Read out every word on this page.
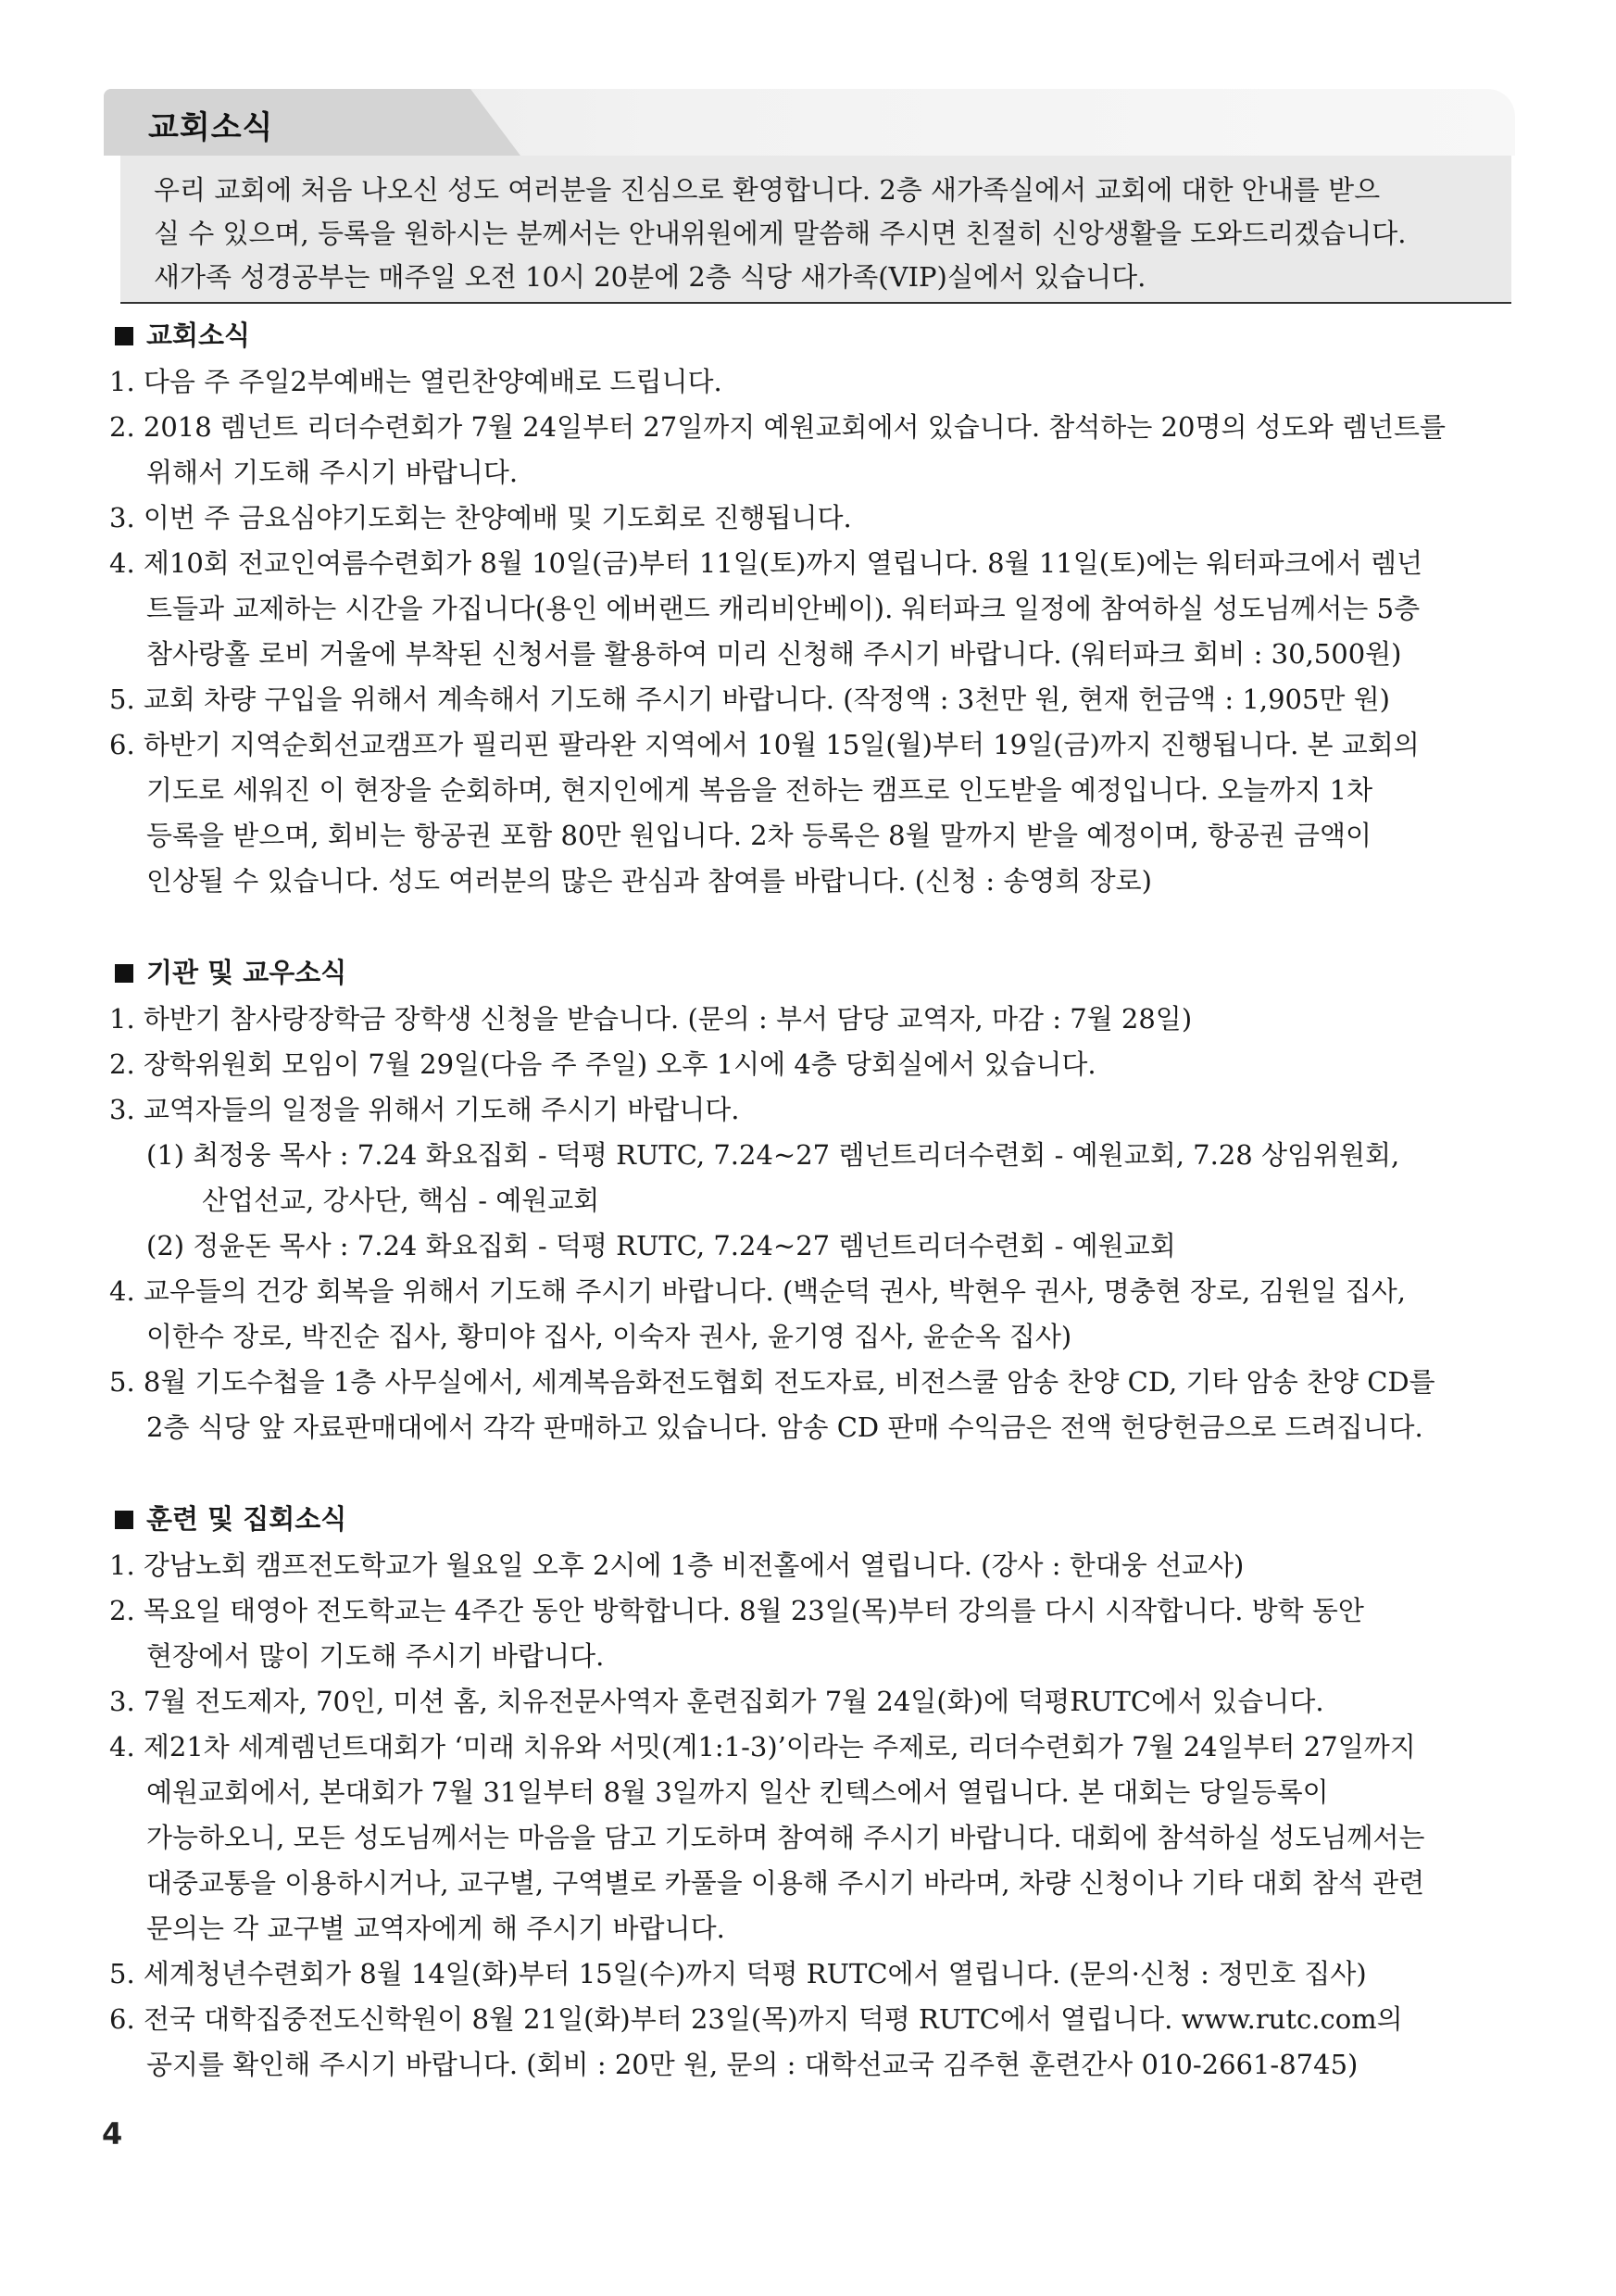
교회소식

우리 교회에 처음 나오신 성도 여러분을 진심으로 환영합니다. 2층 새가족실에서 교회에 대한 안내를 받으

실 수 있으며, 등록을 원하시는 분께서는 안내위원에게 말씀해 주시면 친절히 신앙생활을 도와드리겠습니다.

새가족 성경공부는 매주일 오전 10시 20분에 2층 식당 새가족(VIP)실에서 있습니다.

교회소식
1. 다음 주 주일2부예배는 열린찬양예배로 드립니다.
2. 2018 렘넌트 리더수련회가 7월 24일부터 27일까지 예원교회에서 있습니다. 참석하는 20명의 성도와 렘넌트를
위해서 기도해 주시기 바랍니다.
3. 이번 주 금요심야기도회는 찬양예배 및 기도회로 진행됩니다.
4. 제10회 전교인여름수련회가 8월 10일(금)부터 11일(토)까지 열립니다. 8월 11일(토)에는 워터파크에서 렘넌
트들과 교제하는 시간을 가집니다(용인 에버랜드 캐리비안베이). 워터파크 일정에 참여하실 성도님께서는 5층
참사랑홀 로비 거울에 부착된 신청서를 활용하여 미리 신청해 주시기 바랍니다. (워터파크 회비 : 30,500원)
5. 교회 차량 구입을 위해서 계속해서 기도해 주시기 바랍니다. (작정액 : 3천만 원, 현재 헌금액 : 1,905만 원)
6. 하반기 지역순회선교캠프가 필리핀 팔라완 지역에서 10월 15일(월)부터 19일(금)까지 진행됩니다. 본 교회의
기도로 세워진 이 현장을 순회하며, 현지인에게 복음을 전하는 캠프로 인도받을 예정입니다. 오늘까지 1차
등록을 받으며, 회비는 항공권 포함 80만 원입니다. 2차 등록은 8월 말까지 받을 예정이며, 항공권 금액이
인상될 수 있습니다. 성도 여러분의 많은 관심과 참여를 바랍니다. (신청 : 송영희 장로)
기관 및 교우소식
1. 하반기 참사랑장학금 장학생 신청을 받습니다. (문의 : 부서 담당 교역자, 마감 : 7월 28일)
2. 장학위원회 모임이 7월 29일(다음 주 주일) 오후 1시에 4층 당회실에서 있습니다.
3. 교역자들의 일정을 위해서 기도해 주시기 바랍니다.
(1) 최정웅 목사 : 7.24 화요집회 - 덕평 RUTC, 7.24~27 렘넌트리더수련회 - 예원교회, 7.28 상임위원회,
산업선교, 강사단, 핵심 - 예원교회
(2) 정윤돈 목사 : 7.24 화요집회 - 덕평 RUTC, 7.24~27 렘넌트리더수련회 - 예원교회
4. 교우들의 건강 회복을 위해서 기도해 주시기 바랍니다. (백순덕 권사, 박현우 권사, 명충현 장로, 김원일 집사,
이한수 장로, 박진순 집사, 황미야 집사, 이숙자 권사, 윤기영 집사, 윤순옥 집사)
5. 8월 기도수첩을 1층 사무실에서, 세계복음화전도협회 전도자료, 비전스쿨 암송 찬양 CD, 기타 암송 찬양 CD를
2층 식당 앞 자료판매대에서 각각 판매하고 있습니다. 암송 CD 판매 수익금은 전액 헌당헌금으로 드려집니다.
훈련 및 집회소식
1. 강남노회 캠프전도학교가 월요일 오후 2시에 1층 비전홀에서 열립니다. (강사 : 한대웅 선교사)
2. 목요일 태영아 전도학교는 4주간 동안 방학합니다. 8월 23일(목)부터 강의를 다시 시작합니다. 방학 동안
현장에서 많이 기도해 주시기 바랍니다.
3. 7월 전도제자, 70인, 미션 홈, 치유전문사역자 훈련집회가 7월 24일(화)에 덕평RUTC에서 있습니다.
4. 제21차 세계렘넌트대회가 ‘미래 치유와 서밋(계1:1-3)’이라는 주제로, 리더수련회가 7월 24일부터 27일까지
예원교회에서, 본대회가 7월 31일부터 8월 3일까지 일산 킨텍스에서 열립니다. 본 대회는 당일등록이
가능하오니, 모든 성도님께서는 마음을 담고 기도하며 참여해 주시기 바랍니다. 대회에 참석하실 성도님께서는
대중교통을 이용하시거나, 교구별, 구역별로 카풀을 이용해 주시기 바라며, 차량 신청이나 기타 대회 참석 관련
문의는 각 교구별 교역자에게 해 주시기 바랍니다.
5. 세계청년수련회가 8월 14일(화)부터 15일(수)까지 덕평 RUTC에서 열립니다. (문의·신청 : 정민호 집사)
6. 전국 대학집중전도신학원이 8월 21일(화)부터 23일(목)까지 덕평 RUTC에서 열립니다. www.rutc.com의
공지를 확인해 주시기 바랍니다. (회비 : 20만 원, 문의 : 대학선교국 김주현 훈련간사 010-2661-8745)
4
